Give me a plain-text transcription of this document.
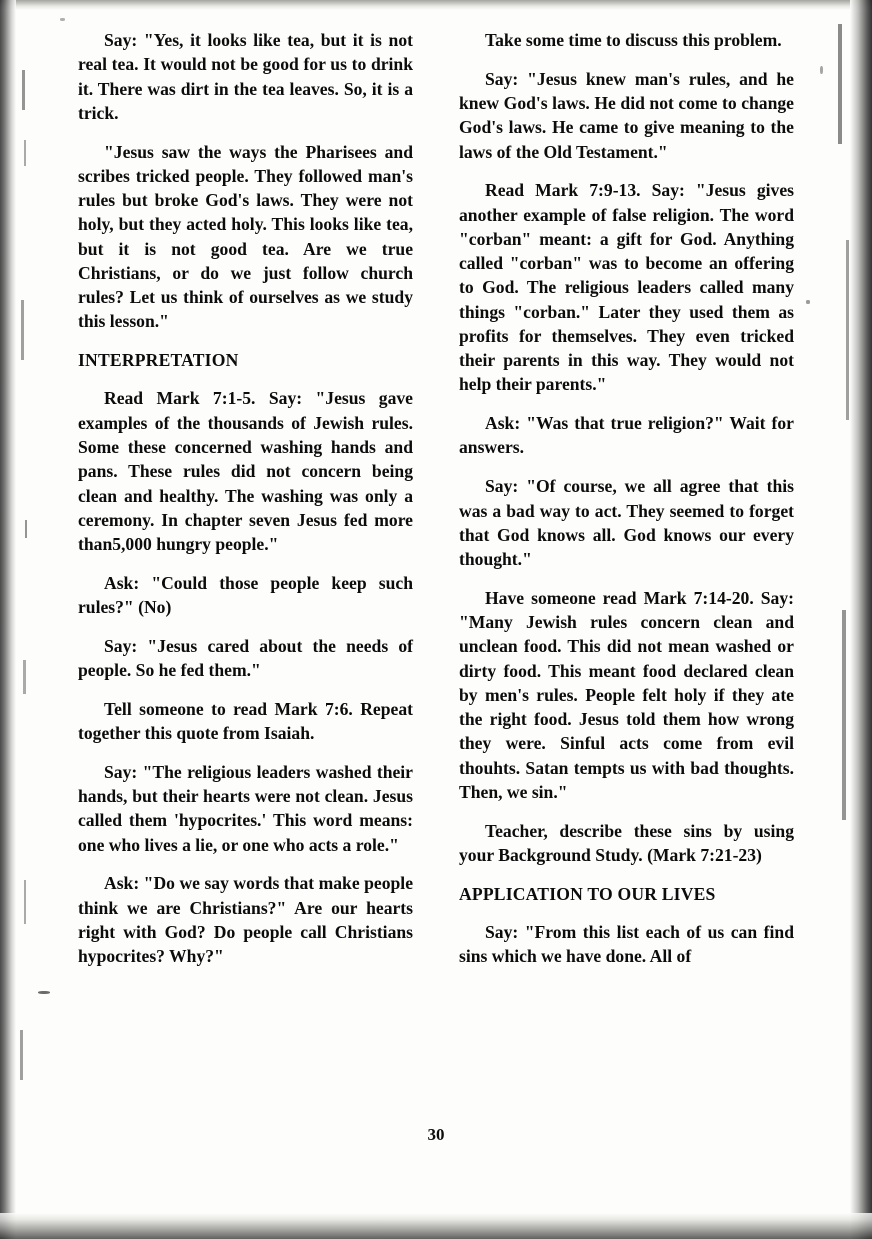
Say: "Yes, it looks like tea, but it is not real tea. It would not be good for us to drink it. There was dirt in the tea leaves. So, it is a trick.

"Jesus saw the ways the Pharisees and scribes tricked people. They followed man's rules but broke God's laws. They were not holy, but they acted holy. This looks like tea, but it is not good tea. Are we true Christians, or do we just follow church rules? Let us think of ourselves as we study this lesson."

INTERPRETATION

Read Mark 7:1-5. Say: "Jesus gave examples of the thousands of Jewish rules. Some these concerned washing hands and pans. These rules did not concern being clean and healthy. The washing was only a ceremony. In chapter seven Jesus fed more than5,000 hungry people."

Ask: "Could those people keep such rules?" (No)

Say: "Jesus cared about the needs of people. So he fed them."

Tell someone to read Mark 7:6. Repeat together this quote from Isaiah.

Say: "The religious leaders washed their hands, but their hearts were not clean. Jesus called them 'hypocrites.' This word means: one who lives a lie, or one who acts a role."

Ask: "Do we say words that make people think we are Christians?" Are our hearts right with God? Do people call Christians hypocrites? Why?"

Take some time to discuss this problem.

Say: "Jesus knew man's rules, and he knew God's laws. He did not come to change God's laws. He came to give meaning to the laws of the Old Testament."

Read Mark 7:9-13. Say: "Jesus gives another example of false religion. The word "corban" meant: a gift for God. Anything called "corban" was to become an offering to God. The religious leaders called many things "corban." Later they used them as profits for themselves. They even tricked their parents in this way. They would not help their parents."

Ask: "Was that true religion?" Wait for answers.

Say: "Of course, we all agree that this was a bad way to act. They seemed to forget that God knows all. God knows our every thought."

Have someone read Mark 7:14-20. Say: "Many Jewish rules concern clean and unclean food. This did not mean washed or dirty food. This meant food declared clean by men's rules. People felt holy if they ate the right food. Jesus told them how wrong they were. Sinful acts come from evil thouhts. Satan tempts us with bad thoughts. Then, we sin."

Teacher, describe these sins by using your Background Study. (Mark 7:21-23)

APPLICATION TO OUR LIVES

Say: "From this list each of us can find sins which we have done. All of

30
